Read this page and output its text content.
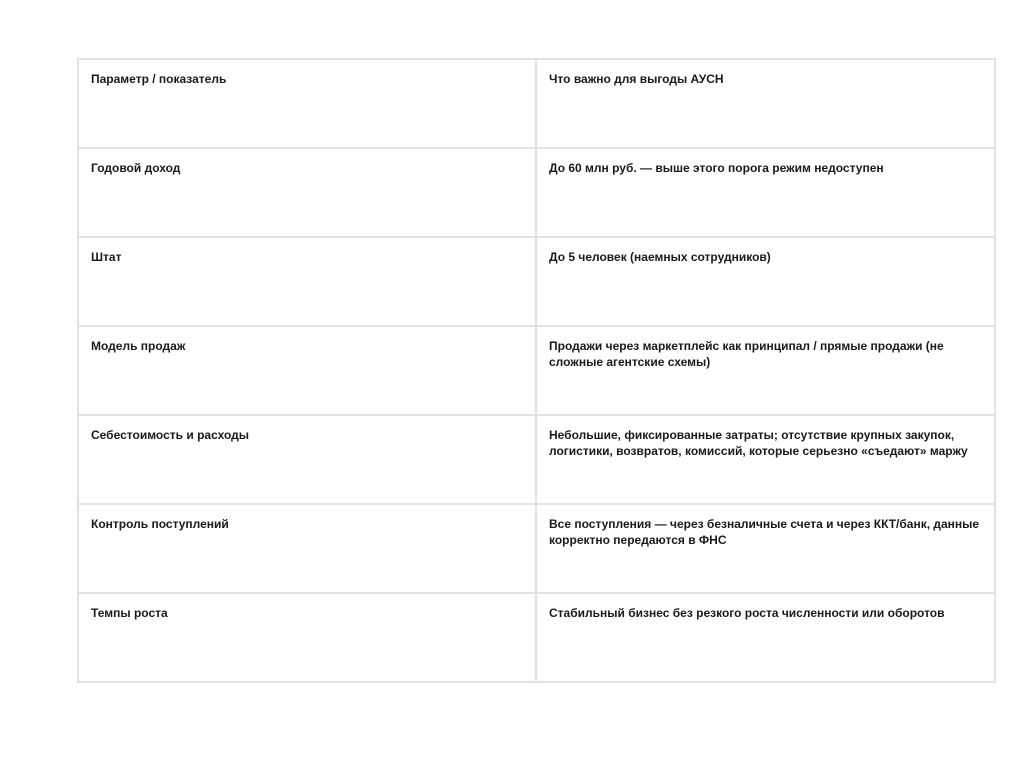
Параметр / показатель	Что важно для выгоды АУСН
Годовой доход	До 60 млн руб. — выше этого порога режим недоступен
Штат	До 5 человек (наемных сотрудников)
Модель продаж	Продажи через маркетплейс как принципал / прямые продажи (не сложные агентские схемы)
Себестоимость и расходы	Небольшие, фиксированные затраты; отсутствие крупных закупок, логистики, возвратов, комиссий, которые серьезно «съедают» маржу
Контроль поступлений	Все поступления — через безналичные счета и через ККТ/банк, данные корректно передаются в ФНС
Темпы роста	Стабильный бизнес без резкого роста численности или оборотов
